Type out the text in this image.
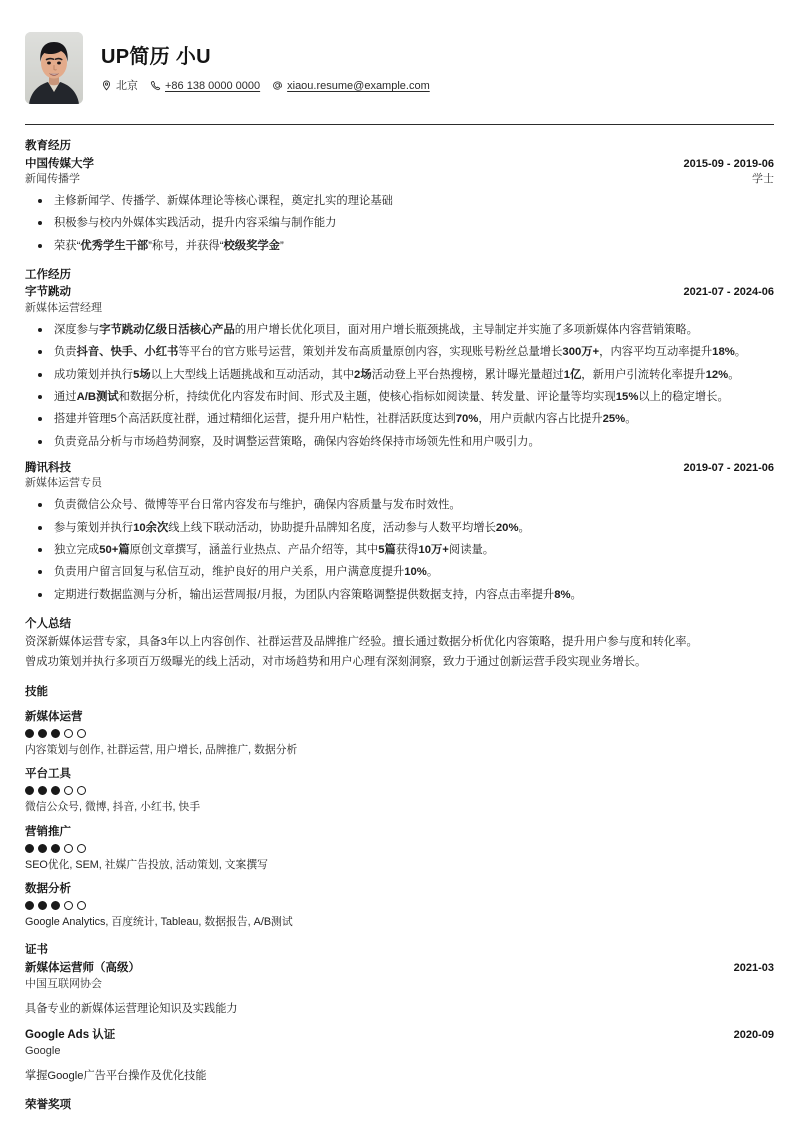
UP简历 小U
北京 +86 138 0000 0000 xiaou.resume@example.com
教育经历
中国传媒大学	2015-09 - 2019-06
新闻传播学	学士
主修新闻学、传播学、新媒体理论等核心课程，奠定扎实的理论基础
积极参与校内外媒体实践活动，提升内容采编与制作能力
荣获“优秀学生干部”称号，并获得“校级奖学金”
工作经历
字节跳动	2021-07 - 2024-06
新媒体运营经理
深度参与字节跳动亿级日活核心产品的用户增长优化项目，面对用户增长瓶颈挑战，主导制定并实施了多项新媒体内容营销策略。
负责抖音、快手、小红书等平台的官方账号运营，策划并发布高质量原创内容，实现账号粉丝总量增长300万+，内容平均互动率提升18%。
成功策划并执行5场以上大型线上话题挑战和互动活动，其中2场活动登上平台热搜榜，累计曝光量超过1亿，新用户引流转化率提升12%。
通过A/B测试和数据分析，持续优化内容发布时间、形式及主题，使核心指标如阅读量、转发量、评论量等均实现15%以上的稳定增长。
搭建并管理5个高活跃度社群，通过精细化运营，提升用户粘性，社群活跃度达到70%，用户贡献内容占比提升25%。
负责竞品分析与市场趋势洞察，及时调整运营策略，确保内容始终保持市场领先性和用户吸引力。
腾讯科技	2019-07 - 2021-06
新媒体运营专员
负责微信公众号、微博等平台日常内容发布与维护，确保内容质量与发布时效性。
参与策划并执行10余次线上线下联动活动，协助提升品牌知名度，活动参与人数平均增长20%。
独立完成50+篇原创文章撰写，涵盖行业热点、产品介绍等，其中5篇获得10万+阅读量。
负责用户留言回复与私信互动，维护良好的用户关系，用户满意度提升10%。
定期进行数据监测与分析，输出运营周报/月报，为团队内容策略调整提供数据支持，内容点击率提升8%。
个人总结
资深新媒体运营专家，具备3年以上内容创作、社群运营及品牌推广经验。擅长通过数据分析优化内容策略，提升用户参与度和转化率。
曾成功策划并执行多项百万级曝光的线上活动，对市场趋势和用户心理有深刻洞察，致力于通过创新运营手段实现业务增长。
技能
新媒体运营
内容策划与创作, 社群运营, 用户增长, 品牌推广, 数据分析
平台工具
微信公众号, 微博, 抖音, 小红书, 快手
营销推广
SEO优化, SEM, 社媒广告投放, 活动策划, 文案撰写
数据分析
Google Analytics, 百度统计, Tableau, 数据报告, A/B测试
证书
新媒体运营师（高级）	2021-03
中国互联网协会
具备专业的新媒体运营理论知识及实践能力
Google Ads 认证	2020-09
Google
掌握Google广告平台操作及优化技能
荣誉奖项
